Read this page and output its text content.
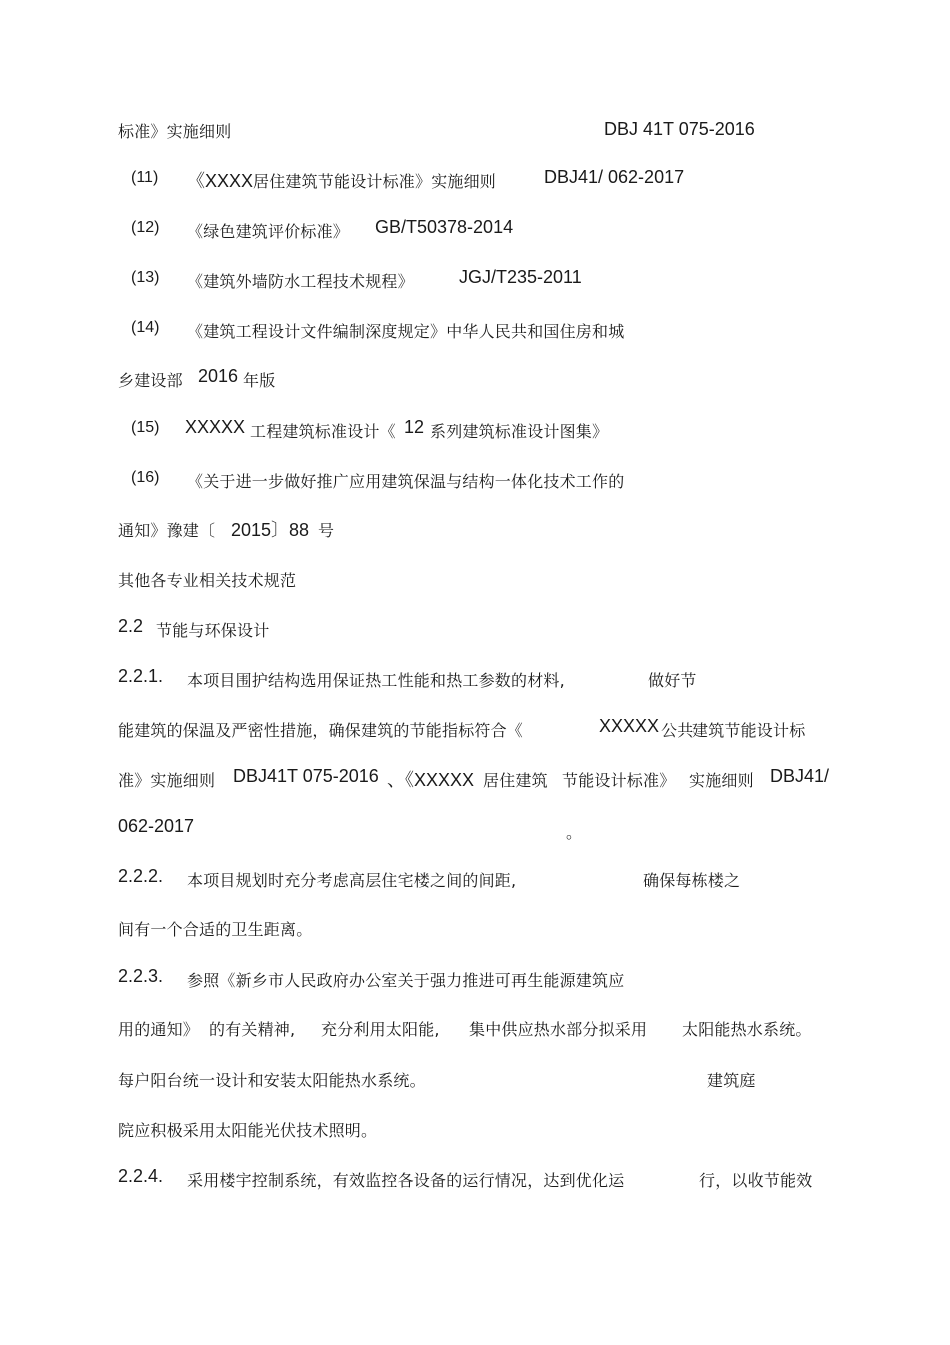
标准》实施细则	DBJ 41T 075-2016
(11) 《XXXX 居住建筑节能设计标准》实施细则	DBJ41/ 062-2017
(12) 《绿色建筑评价标准》 GB/T50378-2014
(13) 《建筑外墙防水工程技术规程》	JGJ/T235-2011
(14) 《建筑工程设计文件编制深度规定》中华人民共和国住房和城
乡建设部 2016 年版
(15) XXXXX 工程建筑标准设计《 12 系列建筑标准设计图集》
(16) 《关于进一步做好推广应用建筑保温与结构一体化技术工作的
通知》豫建〔 2015〕88 号
其他各专业相关技术规范
2.2 节能与环保设计
2.2.1. 本项目围护结构选用保证热工性能和热工参数的材料,	做好节
能建筑的保温及严密性措施，确保建筑的节能指标符合《	XXXXX 公共
建筑节能设计标
准》实施细则 DBJ41T 075-2016 、《XXXXX 居住建筑 节能设计标准》 实施细则 DBJ41/
062-2017	。
2.2.2. 本项目规划时充分考虑高层住宅楼之间的间距,	确保每栋楼之
间有一个合适的卫生距离。
2.2.3. 参照《新乡市人民政府办公室关于强力推进可再生能源建筑应
用的通知》 的有关精神, 充分利用太阳能, 集中供应热水部分拟采用 太阳能热水系统。
每户阳台统一设计和安装太阳能热水系统。	建筑庭
院应积极采用太阳能光伏技术照明。
2.2.4. 采用楼宇控制系统，有效监控各设备的运行情况，达到优化运	行，以收节能效
